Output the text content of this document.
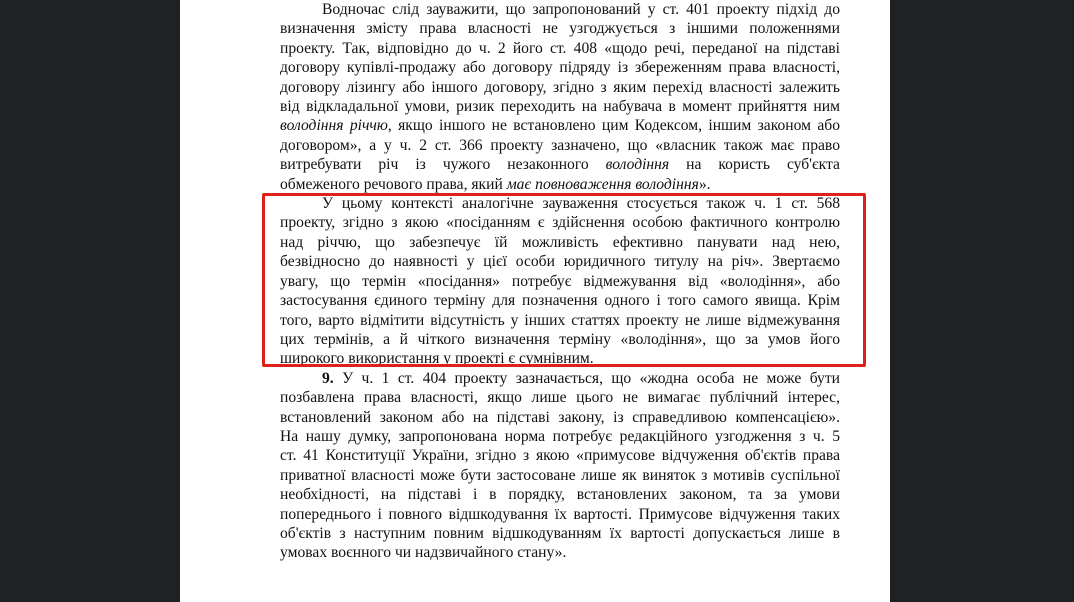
Водночас слід зауважити, що запропонований у ст. 401 проекту підхід до
визначення змісту права власності не узгоджується з іншими положеннями
проекту. Так, відповідно до ч. 2 його ст. 408 «щодо речі, переданої на підставі
договору купівлі-продажу або договору підряду із збереженням права власності,
договору лізингу або іншого договору, згідно з яким перехід власності залежить
від відкладальної умови, ризик переходить на набувача в момент прийняття ним
володіння річчю, якщо іншого не встановлено цим Кодексом, іншим законом або
договором», а у ч. 2 ст. 366 проекту зазначено, що «власник також має право
витребувати річ із чужого незаконного володіння на користь суб'єкта
обмеженого речового права, який має повноваження володіння».
У цьому контексті аналогічне зауваження стосується також ч. 1 ст. 568
проекту, згідно з якою «посіданням є здійснення особою фактичного контролю
над річчю, що забезпечує їй можливість ефективно панувати над нею,
безвідносно до наявності у цієї особи юридичного титулу на річ». Звертаємо
увагу, що термін «посідання» потребує відмежування від «володіння», або
застосування єдиного терміну для позначення одного і того самого явища. Крім
того, варто відмітити відсутність у інших статтях проекту не лише відмежування
цих термінів, а й чіткого визначення терміну «володіння», що за умов його
широкого використання у проекті є сумнівним.
9. У ч. 1 ст. 404 проекту зазначається, що «жодна особа не може бути
позбавлена права власності, якщо лише цього не вимагає публічний інтерес,
встановлений законом або на підставі закону, із справедливою компенсацією».
На нашу думку, запропонована норма потребує редакційного узгодження з ч. 5
ст. 41 Конституції України, згідно з якою «примусове відчуження об'єктів права
приватної власності може бути застосоване лише як виняток з мотивів суспільної
необхідності, на підставі і в порядку, встановлених законом, та за умови
попереднього і повного відшкодування їх вартості. Примусове відчуження таких
об'єктів з наступним повним відшкодуванням їх вартості допускається лише в
умовах воєнного чи надзвичайного стану».
